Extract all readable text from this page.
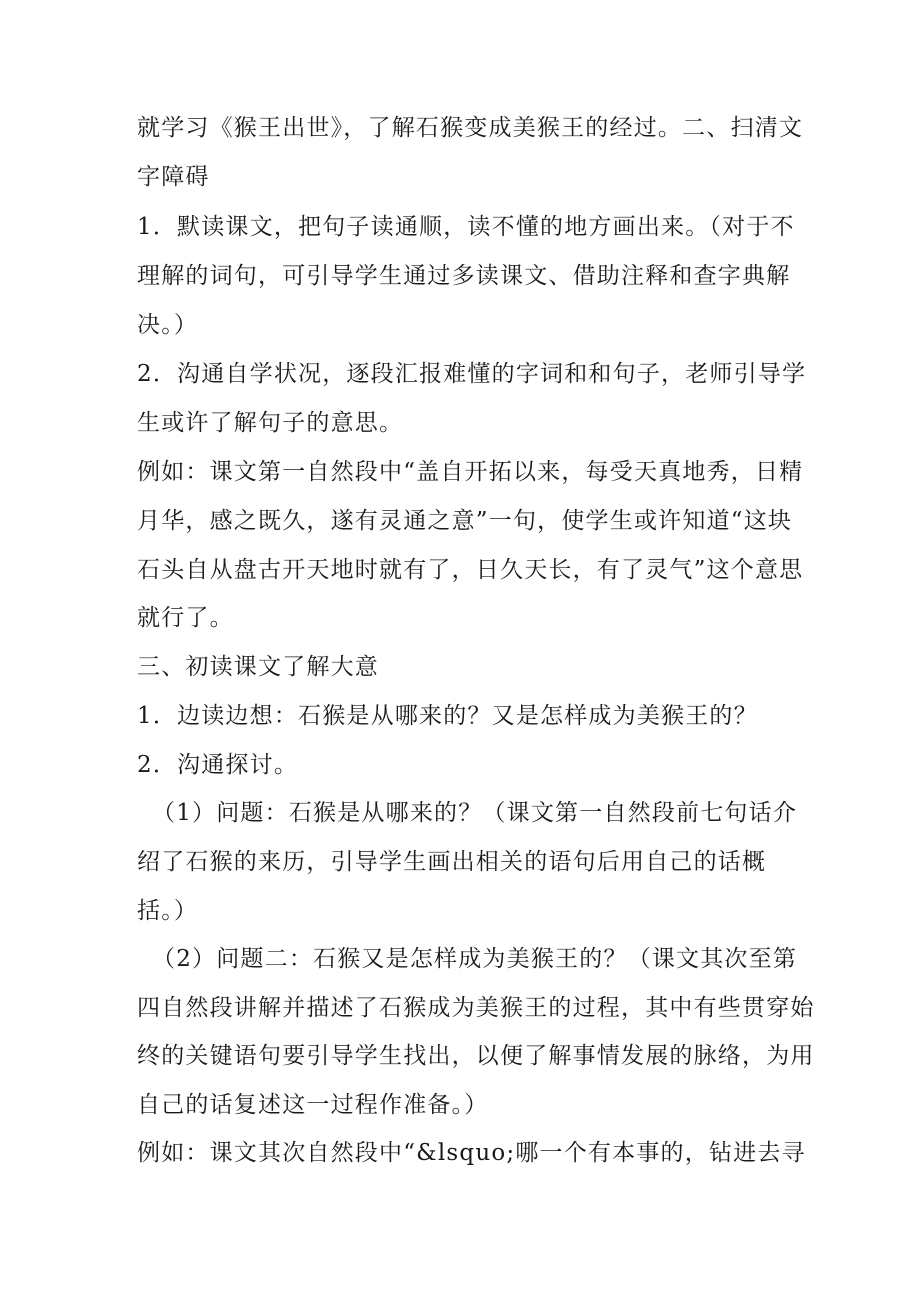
就学习《猴王出世》，了解石猴变成美猴王的经过。二、扫清文
字障碍
1．默读课文，把句子读通顺，读不懂的地方画出来。（对于不
理解的词句，可引导学生通过多读课文、借助注释和查字典解
决。）
2．沟通自学状况，逐段汇报难懂的字词和和句子，老师引导学
生或许了解句子的意思。
例如：课文第一自然段中“盖自开拓以来，每受天真地秀，日精
月华，感之既久，遂有灵通之意”一句，使学生或许知道“这块
石头自从盘古开天地时就有了，日久天长，有了灵气”这个意思
就行了。
三、初读课文了解大意
1．边读边想：石猴是从哪来的？又是怎样成为美猴王的？
2．沟通探讨。
（1）问题：石猴是从哪来的？（课文第一自然段前七句话介
绍了石猴的来历，引导学生画出相关的语句后用自己的话概
括。）
（2）问题二：石猴又是怎样成为美猴王的？（课文其次至第
四自然段讲解并描述了石猴成为美猴王的过程，其中有些贯穿始
终的关键语句要引导学生找出，以便了解事情发展的脉络，为用
自己的话复述这一过程作准备。）
例如：课文其次自然段中“&lsquo;哪一个有本事的，钻进去寻
